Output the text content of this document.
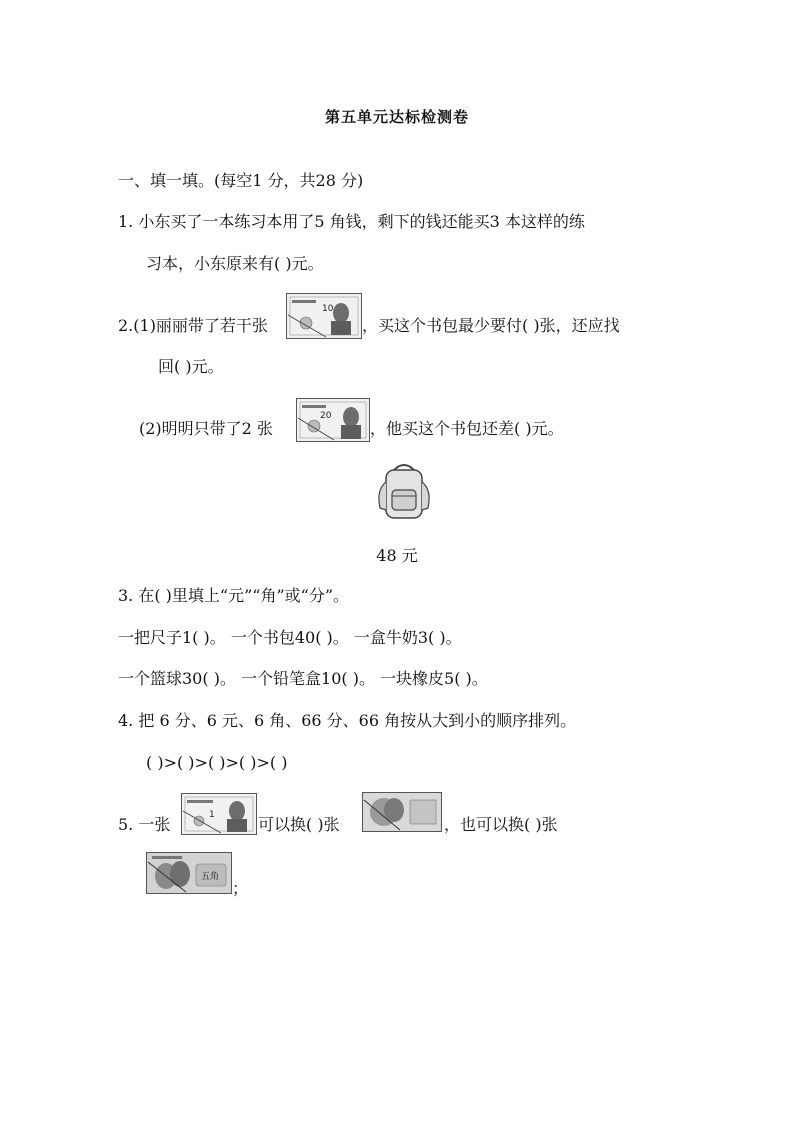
第五单元达标检测卷
一、填一填。(每空1 分，共28 分)
1. 小东买了一本练习本用了5 角钱，剩下的钱还能买3 本这样的练
习本，小东原来有( )元。
2.(1)丽丽带了若干张
10
，买这个书包最少要付( )张，还应找
回( )元。
(2)明明只带了2 张
20
，他买这个书包还差( )元。
48 元
3. 在( )里填上“元”“角”或“分”。
一把尺子1( )。 一个书包40( )。 一盒牛奶3( )。
一个篮球30( )。 一个铅笔盒10( )。 一块橡皮5( )。
4. 把 6 分、6 元、6 角、66 分、66 角按从大到小的顺序排列。
( )>( )>( )>( )>( )
5. 一张	1	可以换( )张	，也可以换( )张
五角
；
